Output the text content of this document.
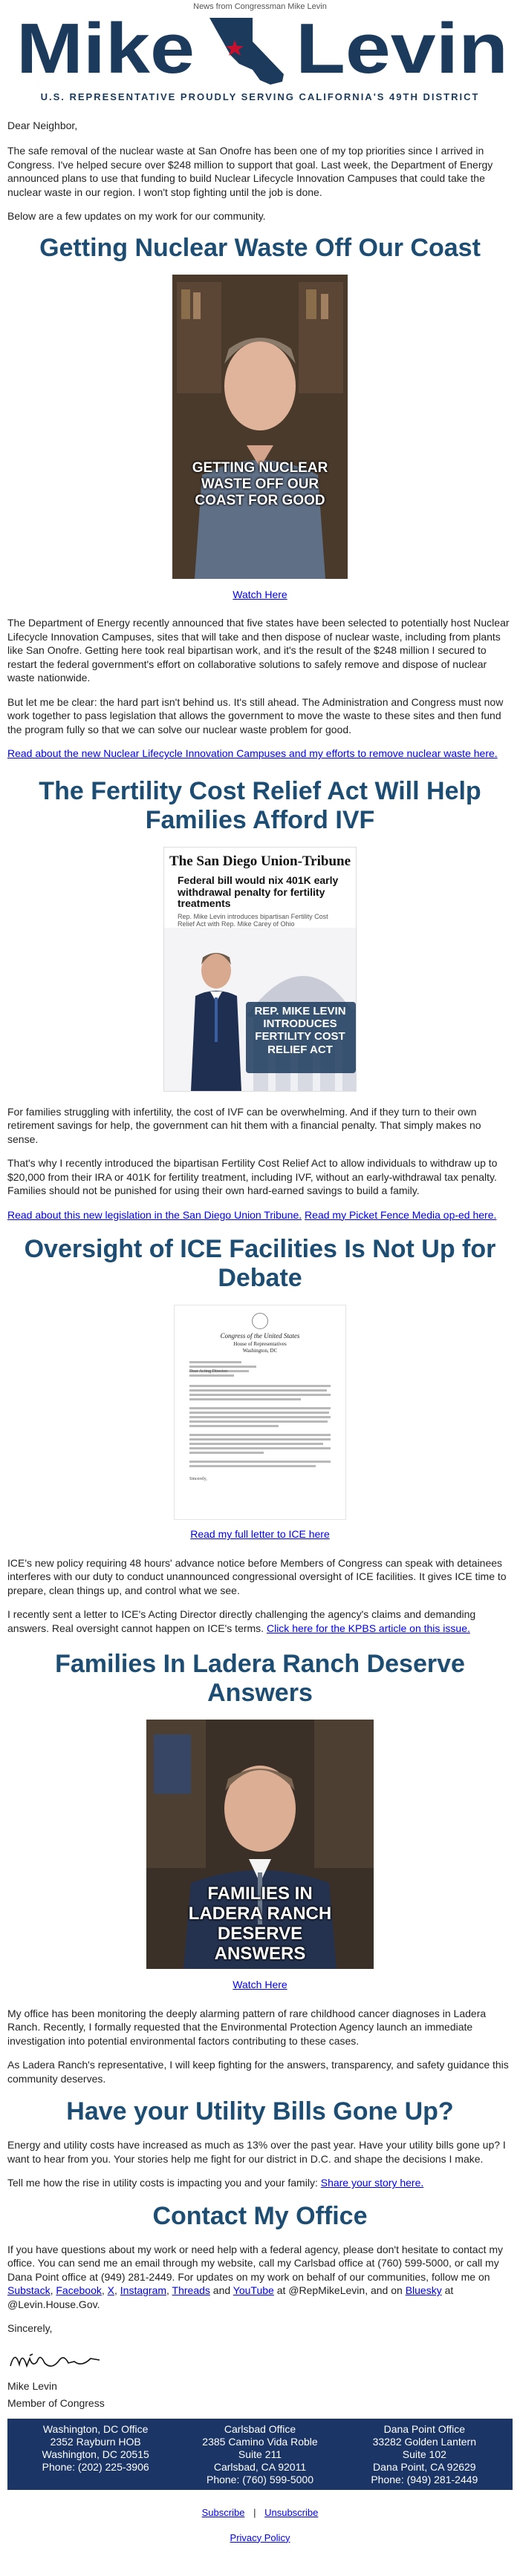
News from Congressman Mike Levin
Mike Levin
U.S. REPRESENTATIVE PROUDLY SERVING CALIFORNIA'S 49TH DISTRICT

Dear Neighbor,

The safe removal of the nuclear waste at San Onofre has been one of my top priorities since I arrived in Congress. I've helped secure over $248 million to support that goal. Last week, the Department of Energy announced plans to use that funding to build Nuclear Lifecycle Innovation Campuses that could take the nuclear waste in our region. I won't stop fighting until the job is done.

Below are a few updates on my work for our community.

Getting Nuclear Waste Off Our Coast
GETTING NUCLEAR WASTE OFF OUR COAST FOR GOOD
Watch Here

The Department of Energy recently announced that five states have been selected to potentially host Nuclear Lifecycle Innovation Campuses, sites that will take and then dispose of nuclear waste, including from plants like San Onofre. Getting here took real bipartisan work, and it's the result of the $248 million I secured to restart the federal government's effort on collaborative solutions to safely remove and dispose of nuclear waste nationwide.

But let me be clear: the hard part isn't behind us. It's still ahead. The Administration and Congress must now work together to pass legislation that allows the government to move the waste to these sites and then fund the program fully so that we can solve our nuclear waste problem for good.

Read about the new Nuclear Lifecycle Innovation Campuses and my efforts to remove nuclear waste here.

The Fertility Cost Relief Act Will Help Families Afford IVF
The San Diego Union-Tribune
Federal bill would nix 401K early withdrawal penalty for fertility treatments
Rep. Mike Levin introduces bipartisan Fertility Cost Relief Act with Rep. Mike Carey of Ohio
REP. MIKE LEVIN INTRODUCES FERTILITY COST RELIEF ACT

For families struggling with infertility, the cost of IVF can be overwhelming. And if they turn to their own retirement savings for help, the government can hit them with a financial penalty. That simply makes no sense.

That's why I recently introduced the bipartisan Fertility Cost Relief Act to allow individuals to withdraw up to $20,000 from their IRA or 401K for fertility treatment, including IVF, without an early-withdrawal tax penalty. Families should not be punished for using their own hard-earned savings to build a family.

Read about this new legislation in the San Diego Union Tribune. Read my Picket Fence Media op-ed here.

Oversight of ICE Facilities Is Not Up for Debate
Congress of the United States
House of Representatives
Washington, DC
Dear Acting Director:
Sincerely,
Read my full letter to ICE here

ICE's new policy requiring 48 hours' advance notice before Members of Congress can speak with detainees interferes with our duty to conduct unannounced congressional oversight of ICE facilities. It gives ICE time to prepare, clean things up, and control what we see.

I recently sent a letter to ICE's Acting Director directly challenging the agency's claims and demanding answers. Real oversight cannot happen on ICE's terms. Click here for the KPBS article on this issue.

Families In Ladera Ranch Deserve Answers
FAMILIES IN LADERA RANCH DESERVE ANSWERS
Watch Here

My office has been monitoring the deeply alarming pattern of rare childhood cancer diagnoses in Ladera Ranch. Recently, I formally requested that the Environmental Protection Agency launch an immediate investigation into potential environmental factors contributing to these cases.

As Ladera Ranch's representative, I will keep fighting for the answers, transparency, and safety guidance this community deserves.

Have your Utility Bills Gone Up?

Energy and utility costs have increased as much as 13% over the past year. Have your utility bills gone up? I want to hear from you. Your stories help me fight for our district in D.C. and shape the decisions I make.

Tell me how the rise in utility costs is impacting you and your family: Share your story here.

Contact My Office

If you have questions about my work or need help with a federal agency, please don't hesitate to contact my office. You can send me an email through my website, call my Carlsbad office at (760) 599-5000, or call my Dana Point office at (949) 281-2449. For updates on my work on behalf of our communities, follow me on Substack, Facebook, X, Instagram, Threads and YouTube at @RepMikeLevin, and on Bluesky at @Levin.House.Gov.

Sincerely,

Mike Levin

Member of Congress

Washington, DC Office
2352 Rayburn HOB
Washington, DC 20515
Phone: (202) 225-3906
Carlsbad Office
2385 Camino Vida Roble
Suite 211
Carlsbad, CA 92011
Phone: (760) 599-5000
Dana Point Office
33282 Golden Lantern
Suite 102
Dana Point, CA 92629
Phone: (949) 281-2449
Subscribe | Unsubscribe
Privacy Policy
